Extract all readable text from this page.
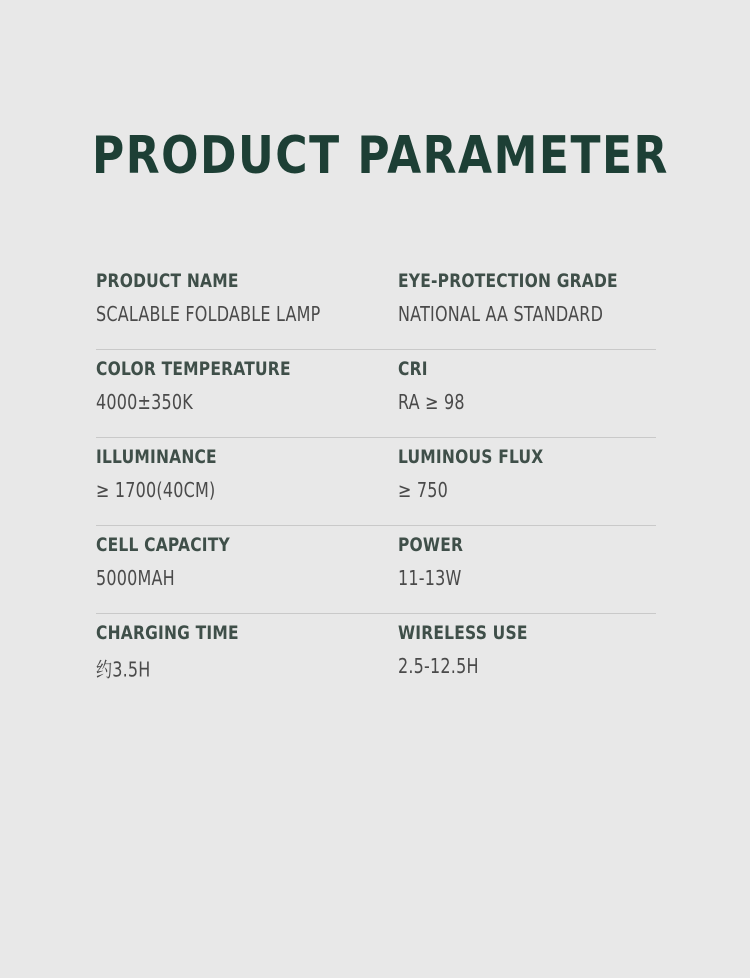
PRODUCT PARAMETER
PRODUCT NAME
SCALABLE FOLDABLE LAMP
EYE-PROTECTION GRADE
NATIONAL AA STANDARD
COLOR TEMPERATURE
4000±350K
CRI
RA ≥ 98
ILLUMINANCE
≥ 1700(40CM)
LUMINOUS FLUX
≥ 750
CELL CAPACITY
5000MAH
POWER
11-13W
CHARGING TIME
约3.5H
WIRELESS USE
2.5-12.5H
